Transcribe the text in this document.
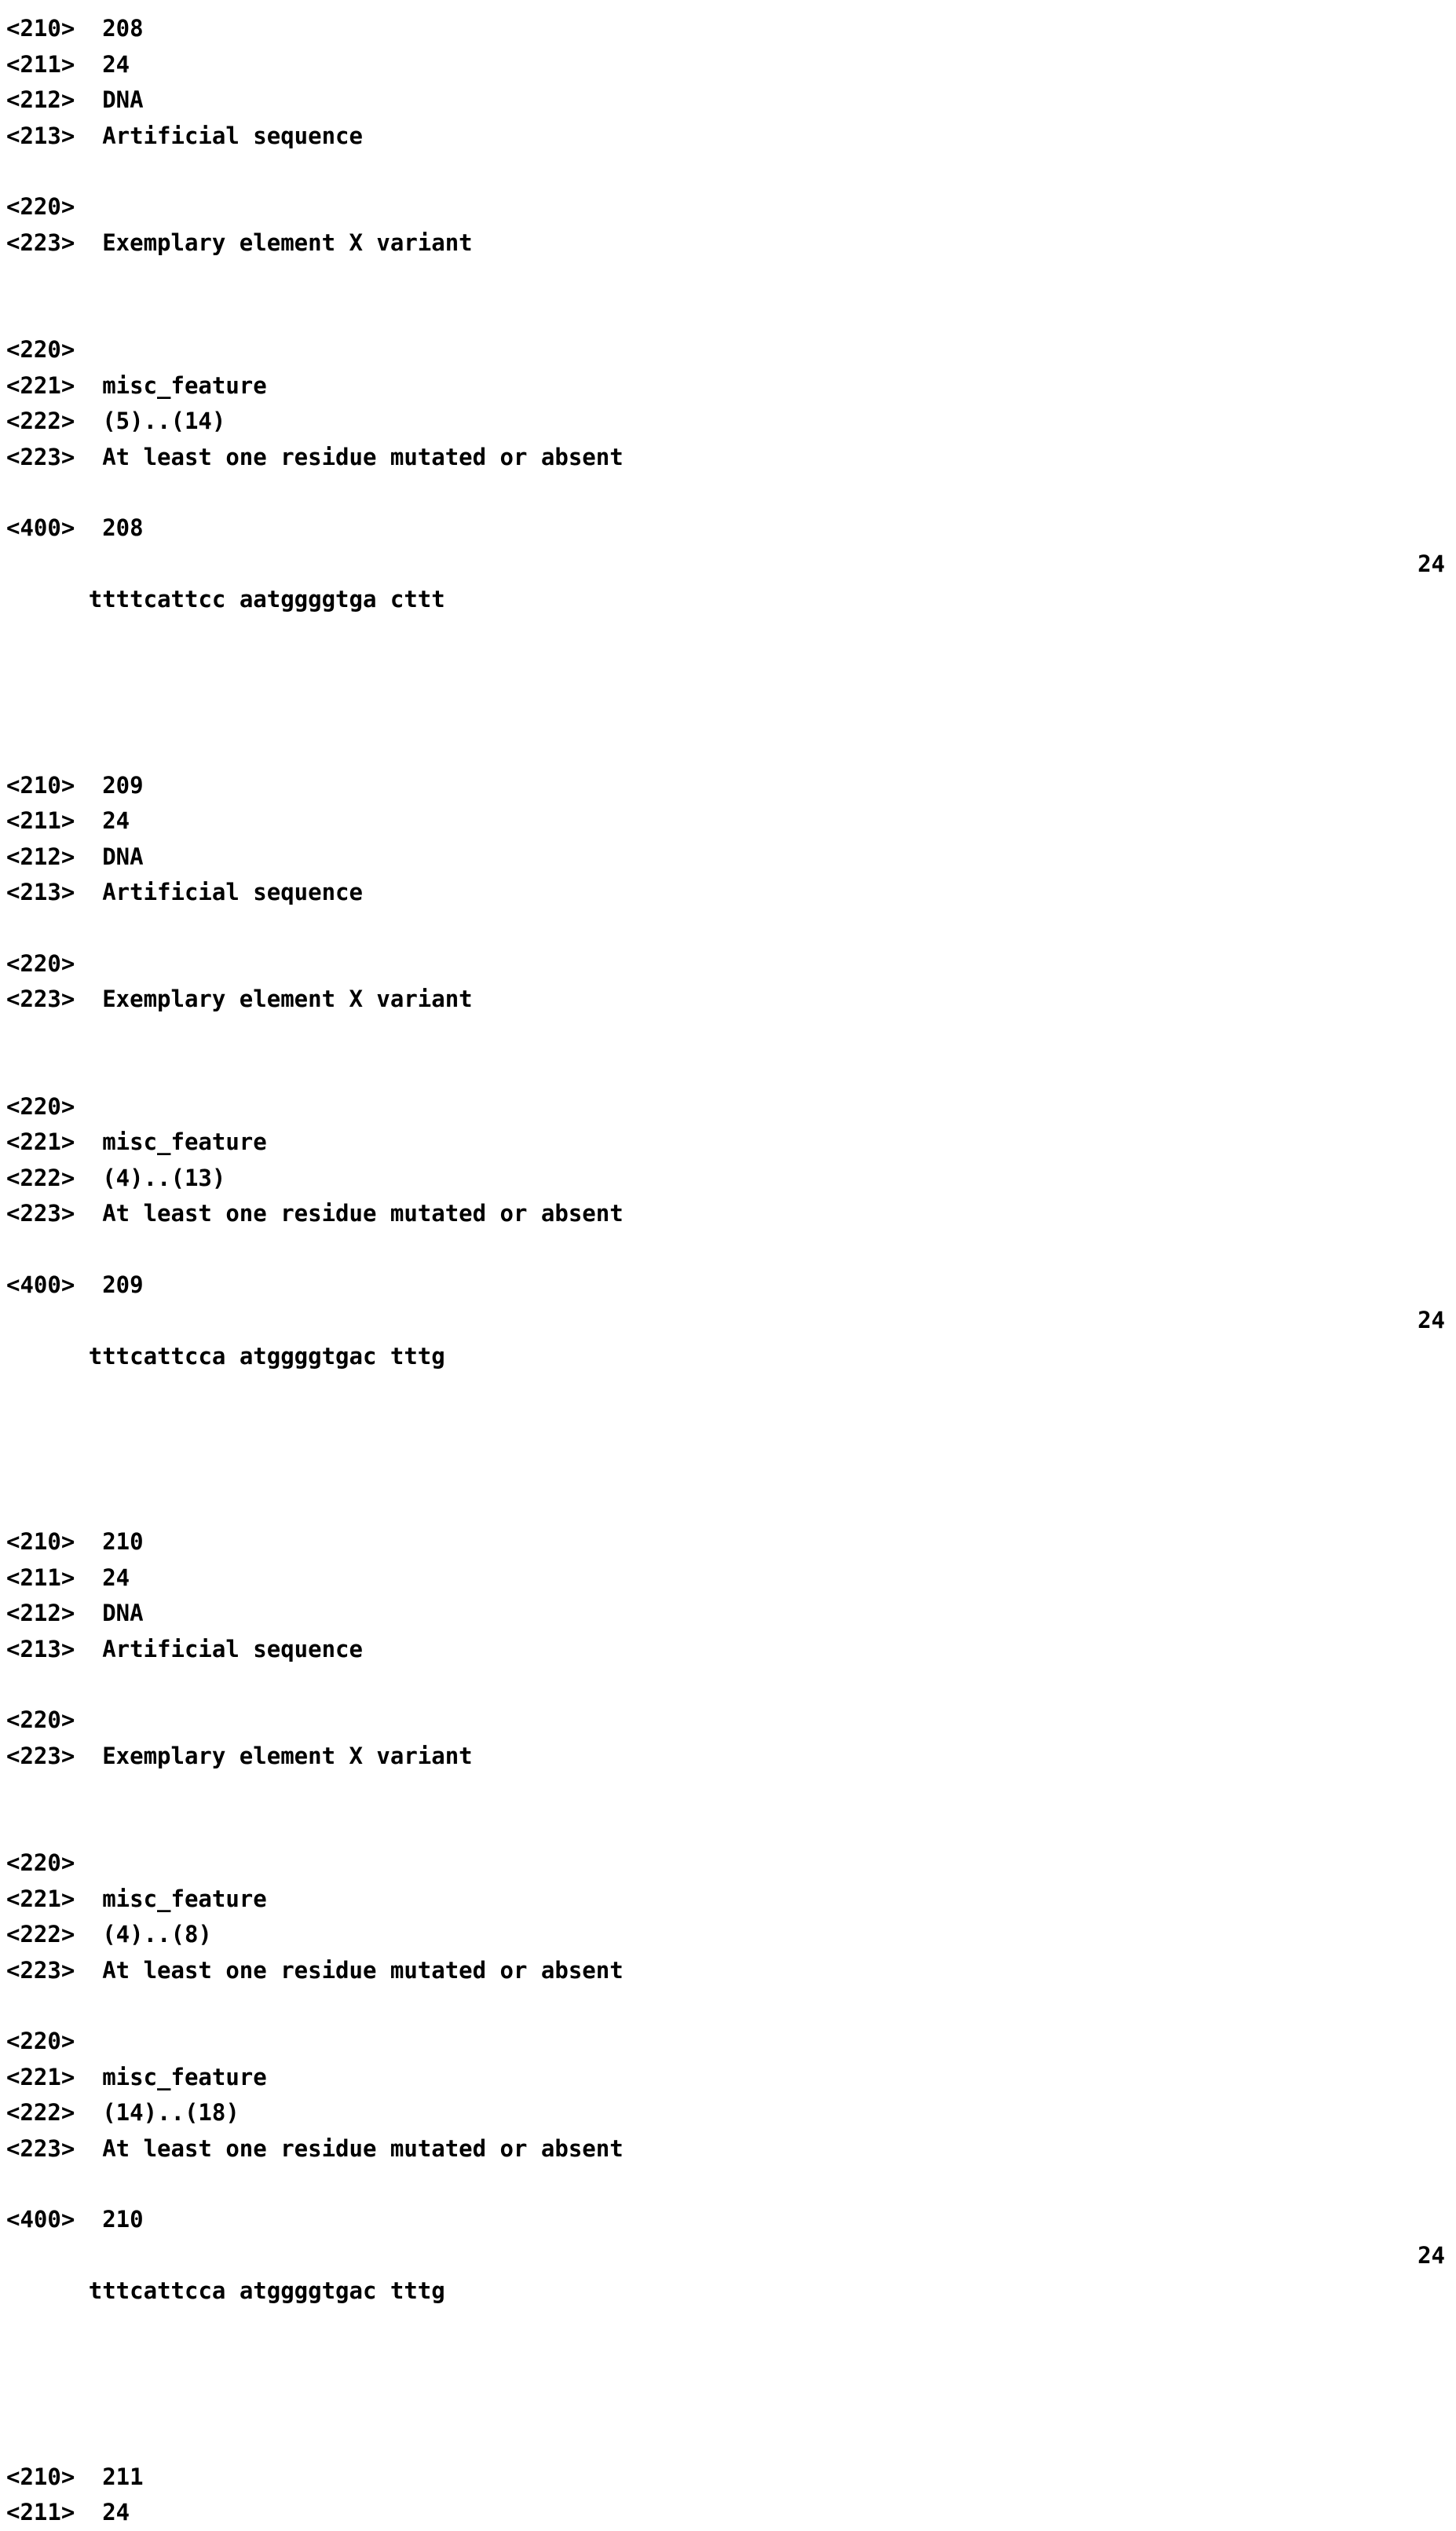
<210>  208
<211>  24
<212>  DNA
<213>  Artificial sequence
<220>
<223>  Exemplary element X variant
<220>
<221>  misc_feature
<222>  (5)..(14)
<223>  At least one residue mutated or absent
<400>  208

ttttcattcc aatggggtga cttt

24

<210>  209
<211>  24
<212>  DNA
<213>  Artificial sequence
<220>
<223>  Exemplary element X variant
<220>
<221>  misc_feature
<222>  (4)..(13)
<223>  At least one residue mutated or absent
<400>  209

tttcattcca atggggtgac tttg

24

<210>  210
<211>  24
<212>  DNA
<213>  Artificial sequence
<220>
<223>  Exemplary element X variant
<220>
<221>  misc_feature
<222>  (4)..(8)
<223>  At least one residue mutated or absent
<220>
<221>  misc_feature
<222>  (14)..(18)
<223>  At least one residue mutated or absent
<400>  210

tttcattcca atggggtgac tttg

24

<210>  211
<211>  24
